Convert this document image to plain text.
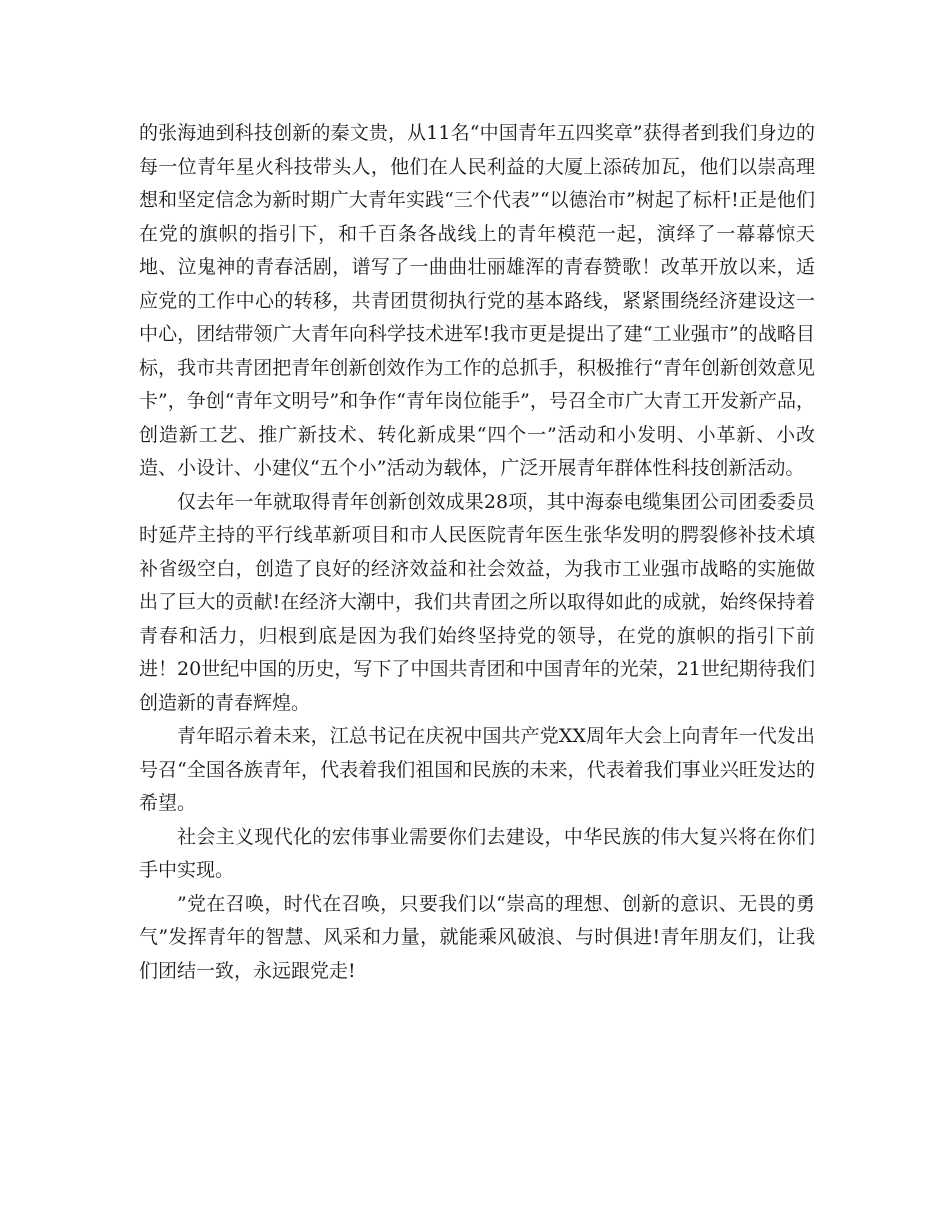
的张海迪到科技创新的秦文贵，从11名“中国青年五四奖章”获得者到我们身边的每一位青年星火科技带头人，他们在人民利益的大厦上添砖加瓦，他们以崇高理想和坚定信念为新时期广大青年实践“三个代表”“以德治市”树起了标杆!正是他们在党的旗帜的指引下，和千百条各战线上的青年模范一起，演绎了一幕幕惊天地、泣鬼神的青春活剧，谱写了一曲曲壮丽雄浑的青春赞歌！改革开放以来，适应党的工作中心的转移，共青团贯彻执行党的基本路线，紧紧围绕经济建设这一中心，团结带领广大青年向科学技术进军!我市更是提出了建“工业强市”的战略目标，我市共青团把青年创新创效作为工作的总抓手，积极推行“青年创新创效意见卡”，争创“青年文明号”和争作“青年岗位能手”，号召全市广大青工开发新产品，创造新工艺、推广新技术、转化新成果“四个一”活动和小发明、小革新、小改造、小设计、小建仪“五个小”活动为载体，广泛开展青年群体性科技创新活动。

仅去年一年就取得青年创新创效成果28项，其中海泰电缆集团公司团委委员时延芹主持的平行线革新项目和市人民医院青年医生张华发明的腭裂修补技术填补省级空白，创造了良好的经济效益和社会效益，为我市工业强市战略的实施做出了巨大的贡献!在经济大潮中，我们共青团之所以取得如此的成就，始终保持着青春和活力，归根到底是因为我们始终坚持党的领导，在党的旗帜的指引下前进！20世纪中国的历史，写下了中国共青团和中国青年的光荣，21世纪期待我们创造新的青春辉煌。

青年昭示着未来，江总书记在庆祝中国共产党XX周年大会上向青年一代发出号召“全国各族青年，代表着我们祖国和民族的未来，代表着我们事业兴旺发达的希望。

社会主义现代化的宏伟事业需要你们去建设，中华民族的伟大复兴将在你们手中实现。

”党在召唤，时代在召唤，只要我们以“崇高的理想、创新的意识、无畏的勇气”发挥青年的智慧、风采和力量，就能乘风破浪、与时俱进!青年朋友们，让我们团结一致，永远跟党走!
